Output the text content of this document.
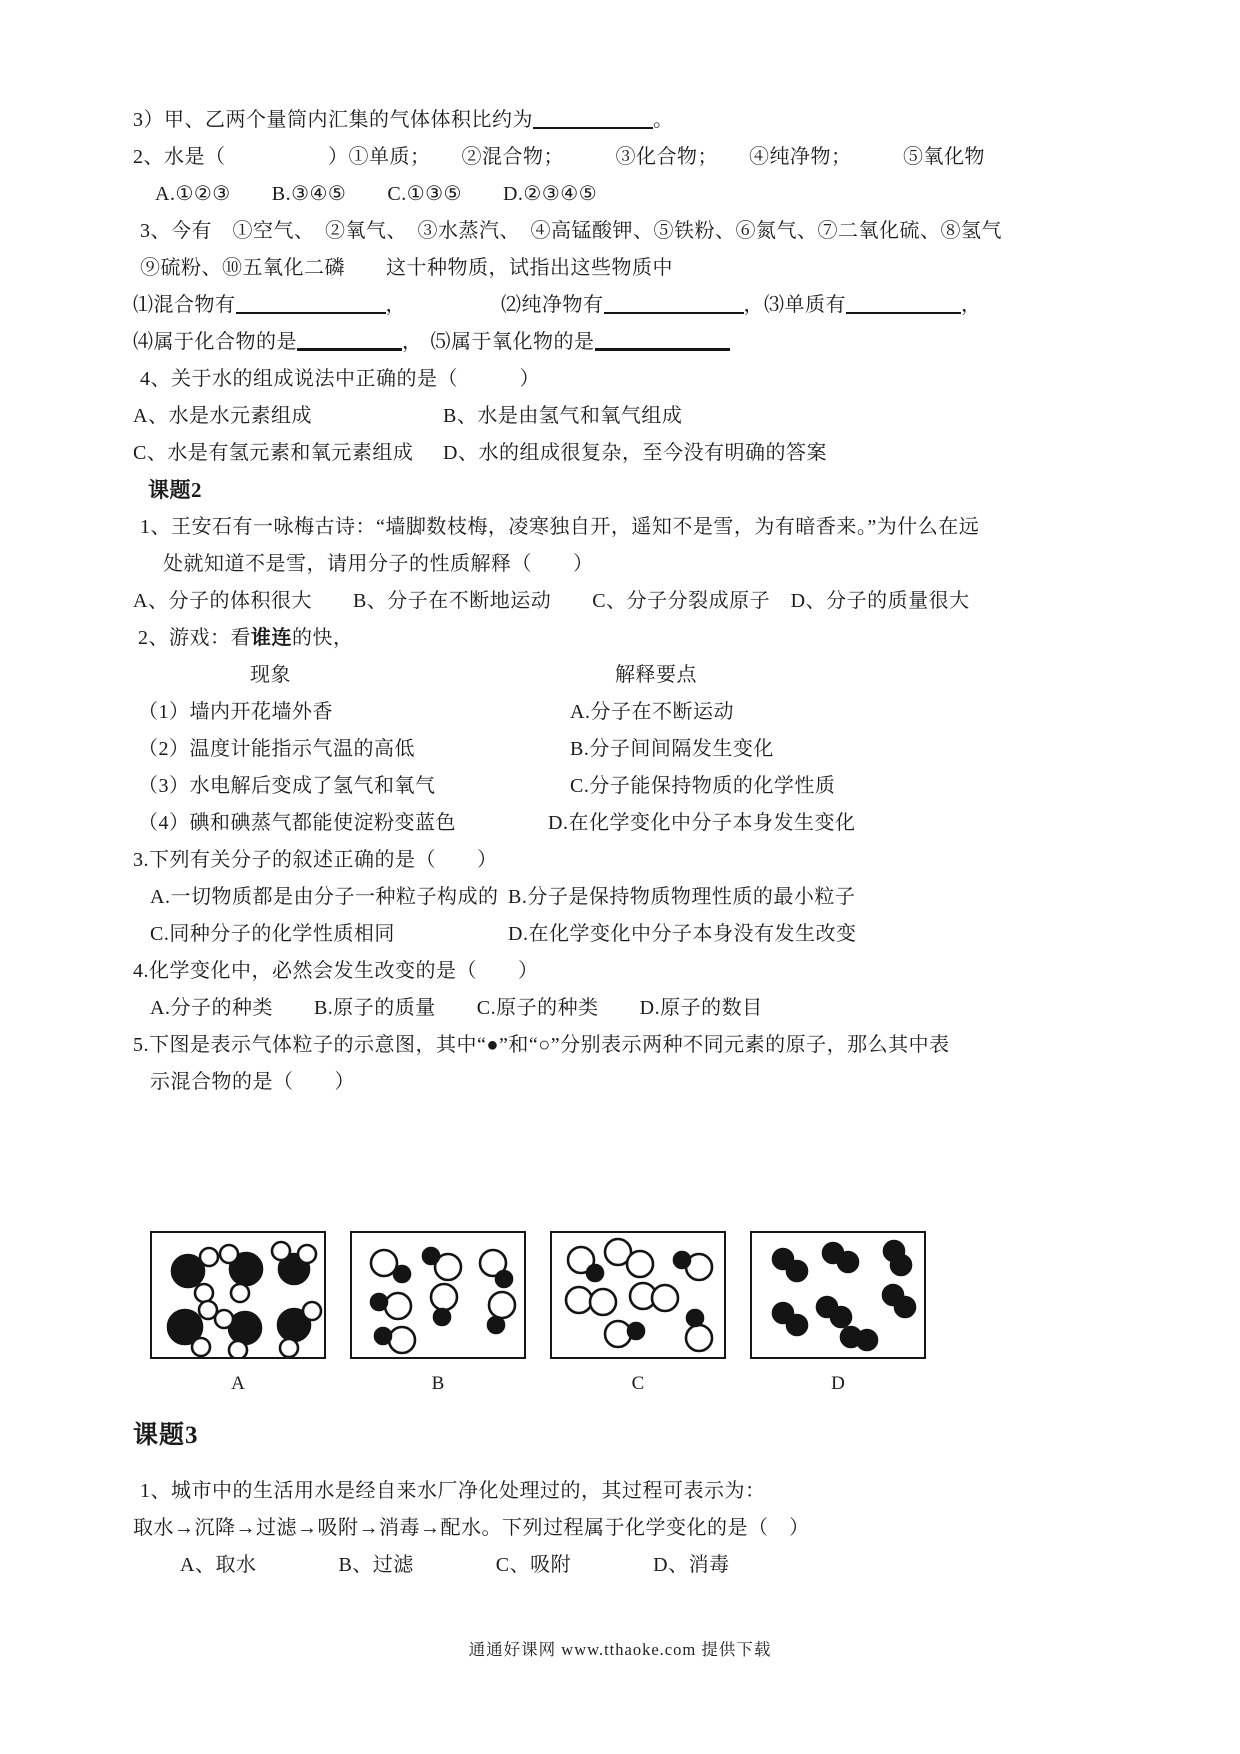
3）甲、乙两个量筒内汇集的气体体积比约为	。
2、水是（　　　　　）①单质；　　②混合物；　　　③化合物；　　④纯净物；　　　⑤氧化物
A.①②③　　B.③④⑤　　C.①③⑤　　D.②③④⑤
3、今有　①空气、　②氧气、　③水蒸汽、　④高锰酸钾、⑤铁粉、⑥氮气、⑦二氧化硫、⑧氢气
⑨硫粉、⑩五氧化二磷　　这十种物质，试指出这些物质中
⑴混合物有	，	⑵纯净物有	，⑶单质有	，
⑷属于化合物的是	， ⑸属于氧化物的是
4、关于水的组成说法中正确的是（　　　）
A、水是水元素组成	B、水是由氢气和氧气组成
C、水是有氢元素和氧元素组成	D、水的组成很复杂，至今没有明确的答案
课题2
1、王安石有一咏梅古诗：“墙脚数枝梅，凌寒独自开，遥知不是雪，为有暗香来。”为什么在远
处就知道不是雪，请用分子的性质解释（　　）
A、分子的体积很大　　B、分子在不断地运动　　C、分子分裂成原子　D、分子的质量很大
2、游戏：看谁连的快，
现象	解释要点
（1）墙内开花墙外香	A.分子在不断运动
（2）温度计能指示气温的高低	B.分子间间隔发生变化
（3）水电解后变成了氢气和氧气	C.分子能保持物质的化学性质
（4）碘和碘蒸气都能使淀粉变蓝色	D.在化学变化中分子本身发生变化
3.下列有关分子的叙述正确的是（　　）
A.一切物质都是由分子一种粒子构成的 B.分子是保持物质物理性质的最小粒子
C.同种分子的化学性质相同	D.在化学变化中分子本身没有发生改变
4.化学变化中，必然会发生改变的是（　　）
A.分子的种类　　B.原子的质量　　C.原子的种类　　D.原子的数目
5.下图是表示气体粒子的示意图，其中“●”和“○”分别表示两种不同元素的原子，那么其中表
示混合物的是（　　）
A	B	C	D
课题3
1、城市中的生活用水是经自来水厂净化处理过的，其过程可表示为：
取水→沉降→过滤→吸附→消毒→配水。下列过程属于化学变化的是（　）
A、取水　　　　B、过滤　　　　C、吸附　　　　D、消毒
通通好课网 www.tthaoke.com 提供下载
